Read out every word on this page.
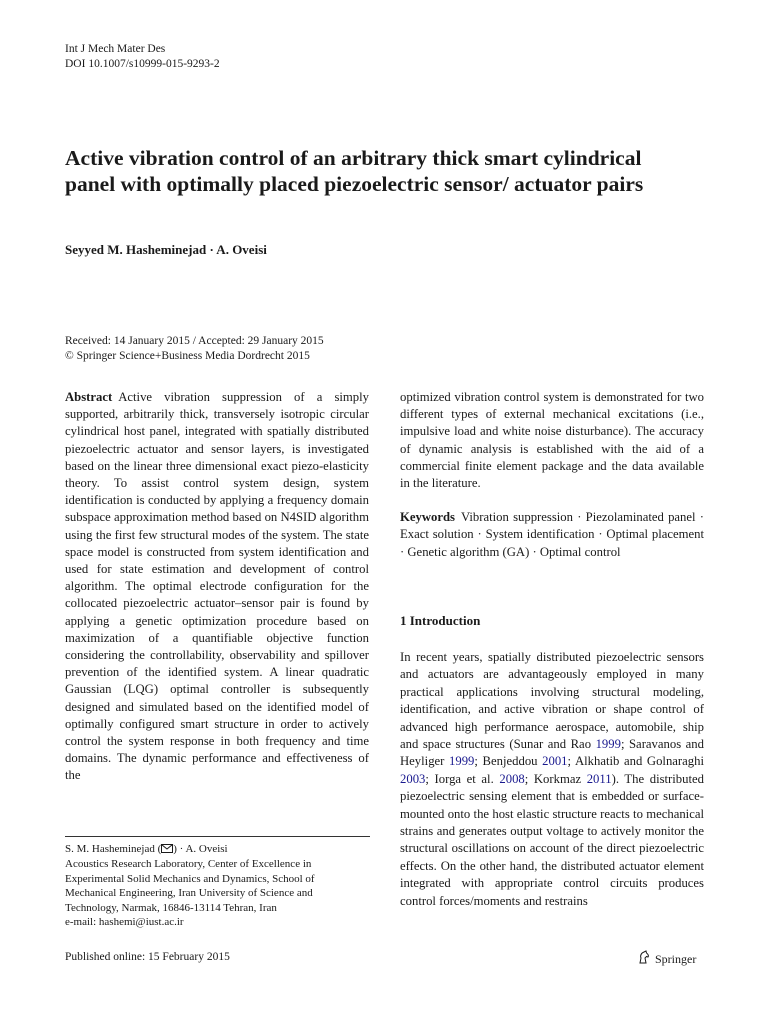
Int J Mech Mater Des
DOI 10.1007/s10999-015-9293-2
Active vibration control of an arbitrary thick smart cylindrical panel with optimally placed piezoelectric sensor/ actuator pairs
Seyyed M. Hasheminejad · A. Oveisi
Received: 14 January 2015 / Accepted: 29 January 2015
© Springer Science+Business Media Dordrecht 2015

Abstract Active vibration suppression of a simply supported, arbitrarily thick, transversely isotropic circular cylindrical host panel, integrated with spatially distributed piezoelectric actuator and sensor layers, is investigated based on the linear three dimensional exact piezo-elasticity theory. To assist control system design, system identification is conducted by applying a frequency domain subspace approximation method based on N4SID algorithm using the first few structural modes of the system. The state space model is constructed from system identification and used for state estimation and development of control algorithm. The optimal electrode configuration for the collocated piezoelectric actuator–sensor pair is found by applying a genetic optimization procedure based on maximization of a quantifiable objective function considering the controllability, observability and spillover prevention of the identified system. A linear quadratic Gaussian (LQG) optimal controller is subsequently designed and simulated based on the identified model of optimally configured smart structure in order to actively control the system response in both frequency and time domains. The dynamic performance and effectiveness of the

optimized vibration control system is demonstrated for two different types of external mechanical excitations (i.e., impulsive load and white noise disturbance). The accuracy of dynamic analysis is established with the aid of a commercial finite element package and the data available in the literature.

Keywords Vibration suppression · Piezolaminated panel · Exact solution · System identification · Optimal placement · Genetic algorithm (GA) · Optimal control

1 Introduction

In recent years, spatially distributed piezoelectric sensors and actuators are advantageously employed in many practical applications involving structural modeling, identification, and active vibration or shape control of advanced high performance aerospace, automobile, ship and space structures (Sunar and Rao 1999; Saravanos and Heyliger 1999; Benjeddou 2001; Alkhatib and Golnaraghi 2003; Iorga et al. 2008; Korkmaz 2011). The distributed piezoelectric sensing element that is embedded or surface-mounted onto the host elastic structure reacts to mechanical strains and generates output voltage to actively monitor the structural oscillations on account of the direct piezoelectric effects. On the other hand, the distributed actuator element integrated with appropriate control circuits produces control forces/moments and restrains

S. M. Hasheminejad ( ) · A. Oveisi
Acoustics Research Laboratory, Center of Excellence in
Experimental Solid Mechanics and Dynamics, School of
Mechanical Engineering, Iran University of Science and
Technology, Narmak, 16846-13114 Tehran, Iran
e-mail: hashemi@iust.ac.ir
Published online: 15 February 2015	Springer
